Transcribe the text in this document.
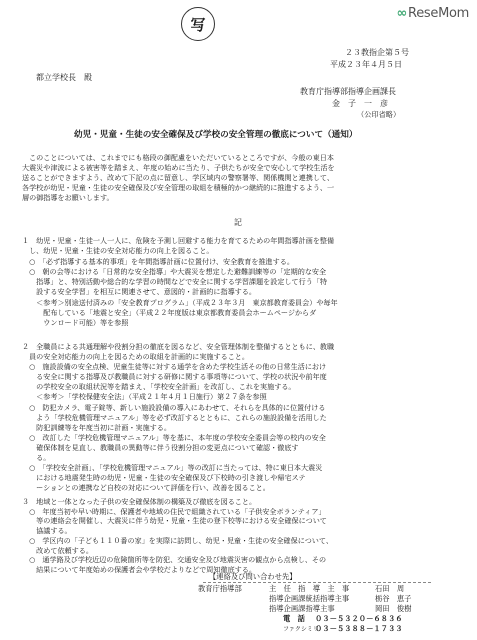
写
∞ReseMom
２３教指企第５号
平成２３年４月５日
都立学校長　殿
教育庁指導部指導企画課長
金　子　一　彦
（公印省略）
幼児・児童・生徒の安全確保及び学校の安全管理の徹底について（通知）
　このことについては、これまでにも格段の御配慮をいただいているところですが、今般の東日本
大震災や津波による被害等を踏まえ、年度の始めに当たり、子供たちが安全で安心して学校生活を
送ることができますよう、改めて下記の点に留意し、学区域内の警察署等、関係機関と連携して、
各学校が幼児・児童・生徒の安全確保及び安全管理の取組を積極的かつ継続的に推進するよう、一
層の御指導をお願いします。
記
１　幼児・児童・生徒一人一人に、危険を予測し回避する能力を育てるための年間指導計画を整備
　し、幼児・児童・生徒の安全対応能力の向上を図ること。
　○　「必ず指導する基本的事項」を年間指導計画に位置付け、安全教育を推進する。
　○　朝の会等における「日常的な安全指導」や大震災を想定した避難訓練等の「定期的な安全
　　指導」と、特別活動や総合的な学習の時間などで安全に関する学習課題を設定して行う「特
　　設する安全学習」を相互に関連させて、意図的・計画的に指導する。
　　＜参考＞別途送付済みの「安全教育プログラム」（平成２３年３月　東京都教育委員会）や毎年
　　　配布している「地震と安全」（平成２２年度版は東京都教育委員会ホームページからダ
　　　ウンロード可能）等を参照
２　全職員による共通理解や役割分担の徹底を図るなど、安全管理体制を整備するとともに、教職
　員の安全対応能力の向上を図るための取組を計画的に実施すること。
　○　施設設備の安全点検、児童生徒等に対する通学を含めた学校生活その他の日常生活におけ
　　る安全に関する指導及び教職員に対する研修に関する事項等について、学校の状況や前年度
　　の学校安全の取組状況等を踏まえ、「学校安全計画」を改訂し、これを実施する。
　　＜参考＞「学校保健安全法」（平成２１年４月１日施行）第２７条を参照
　○　防犯カメラ、電子錠等、新しい施設設備の導入にあわせて、それらを具体的に位置付ける
　　よう「学校危機管理マニュアル」等を必ず改訂するとともに、これらの施設設備を活用した
　　防犯訓練等を年度当初に計画・実施する。
　○　改訂した「学校危機管理マニュアル」等を基に、本年度の学校安全委員会等の校内の安全
　　確保体制を見直し、教職員の異動等に伴う役割分担の変更点について確認・徹底す
　　る。
　○　「学校安全計画」、「学校危機管理マニュアル」等の改訂に当たっては、特に東日本大震災
　　における地震発生時の幼児・児童・生徒の安全確保及び下校時の引き渡しや帰宅ステ
　　ーションとの連携など自校の対応について評価を行い、改善を図ること。
３　地域と一体となった子供の安全確保体制の構築及び徹底を図ること。
　○　年度当初や早い時期に、保護者や地域の住民で組織されている「子供安全ボランティア」
　　等の連絡会を開催し、大震災に伴う幼児・児童・生徒の登下校等における安全確保について
　　協議する。
　○　学区内の「子ども１１０番の家」を実際に訪問し、幼児・児童・生徒の安全確保について、
　　改めて依頼する。
　○　通学路及び学校近辺の危険箇所等を防犯、交通安全及び地震災害の観点から点検し、その
　　結果について年度始めの保護者会や学校だよりなどで周知徹底する。
【連絡及び問い合わせ先】
教育庁指導部	主　任　指　導　主　事	石田　周
指導企画課統括指導主事	栃谷　恵子
指導企画課指導主事	岡田　俊樹
電　話 ０３－５３２０－６８３６
ファクシミリ
０３－５３８８－１７３３
